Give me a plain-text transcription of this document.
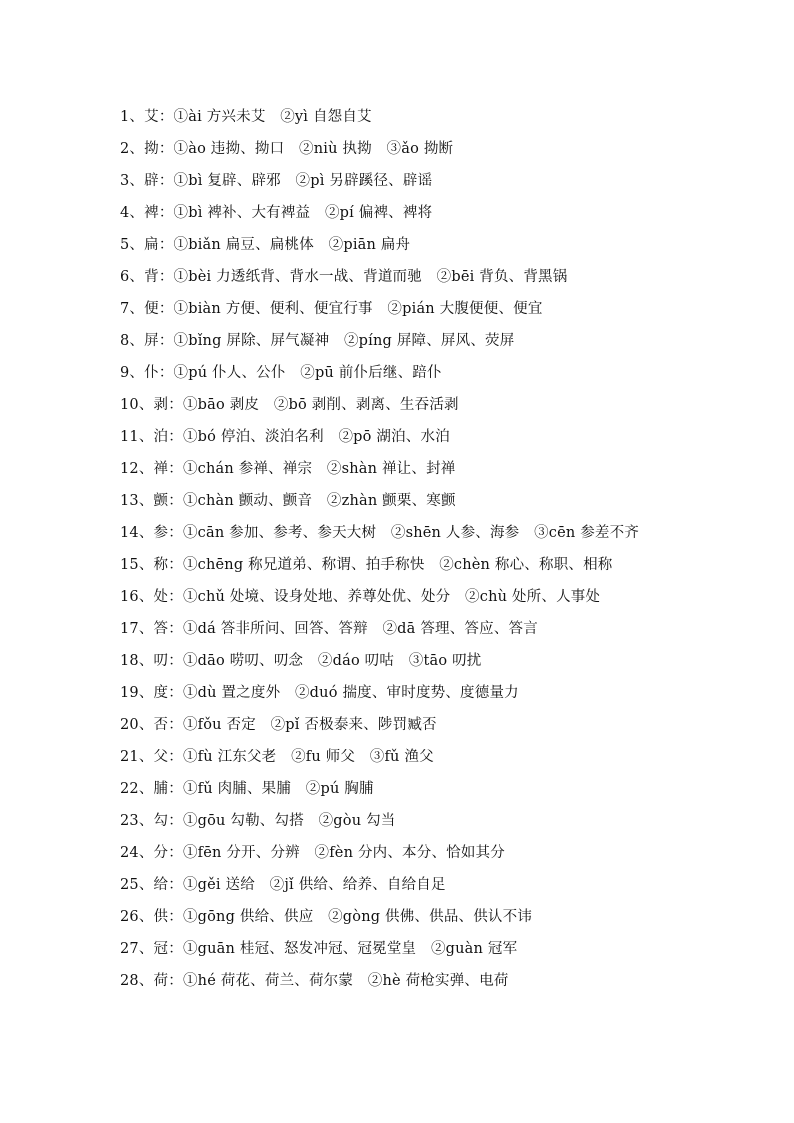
1、艾：①ài 方兴未艾　②yì 自怨自艾
2、拗：①ào 违拗、拗口　②niù 执拗　③ǎo 拗断
3、辟：①bì 复辟、辟邪　②pì 另辟蹊径、辟谣
4、裨：①bì 裨补、大有裨益　②pí 偏裨、裨将
5、扁：①biǎn 扁豆、扁桃体　②piān 扁舟
6、背：①bèi 力透纸背、背水一战、背道而驰　②bēi 背负、背黑锅
7、便：①biàn 方便、便利、便宜行事　②pián 大腹便便、便宜
8、屏：①bǐng 屏除、屏气凝神　②píng 屏障、屏风、荧屏
9、仆：①pú 仆人、公仆　②pū 前仆后继、踣仆
10、剥：①bāo 剥皮　②bō 剥削、剥离、生吞活剥
11、泊：①bó 停泊、淡泊名利　②pō 湖泊、水泊
12、禅：①chán 参禅、禅宗　②shàn 禅让、封禅
13、颤：①chàn 颤动、颤音　②zhàn 颤栗、寒颤
14、参：①cān 参加、参考、参天大树　②shēn 人参、海参　③cēn 参差不齐
15、称：①chēng 称兄道弟、称谓、拍手称快　②chèn 称心、称职、相称
16、处：①chǔ 处境、设身处地、养尊处优、处分　②chù 处所、人事处
17、答：①dá 答非所问、回答、答辩　②dā 答理、答应、答言
18、叨：①dāo 唠叨、叨念　②dáo 叨咕　③tāo 叨扰
19、度：①dù 置之度外　②duó 揣度、审时度势、度德量力
20、否：①fǒu 否定　②pǐ 否极泰来、陟罚臧否
21、父：①fù 江东父老　②fu 师父　③fǔ 渔父
22、脯：①fǔ 肉脯、果脯　②pú 胸脯
23、勾：①gōu 勾勒、勾搭　②gòu 勾当
24、分：①fēn 分开、分辨　②fèn 分内、本分、恰如其分
25、给：①gěi 送给　②jǐ 供给、给养、自给自足
26、供：①gōng 供给、供应　②gòng 供佛、供品、供认不讳
27、冠：①guān 桂冠、怒发冲冠、冠冕堂皇　②guàn 冠军
28、荷：①hé 荷花、荷兰、荷尔蒙　②hè 荷枪实弹、电荷
